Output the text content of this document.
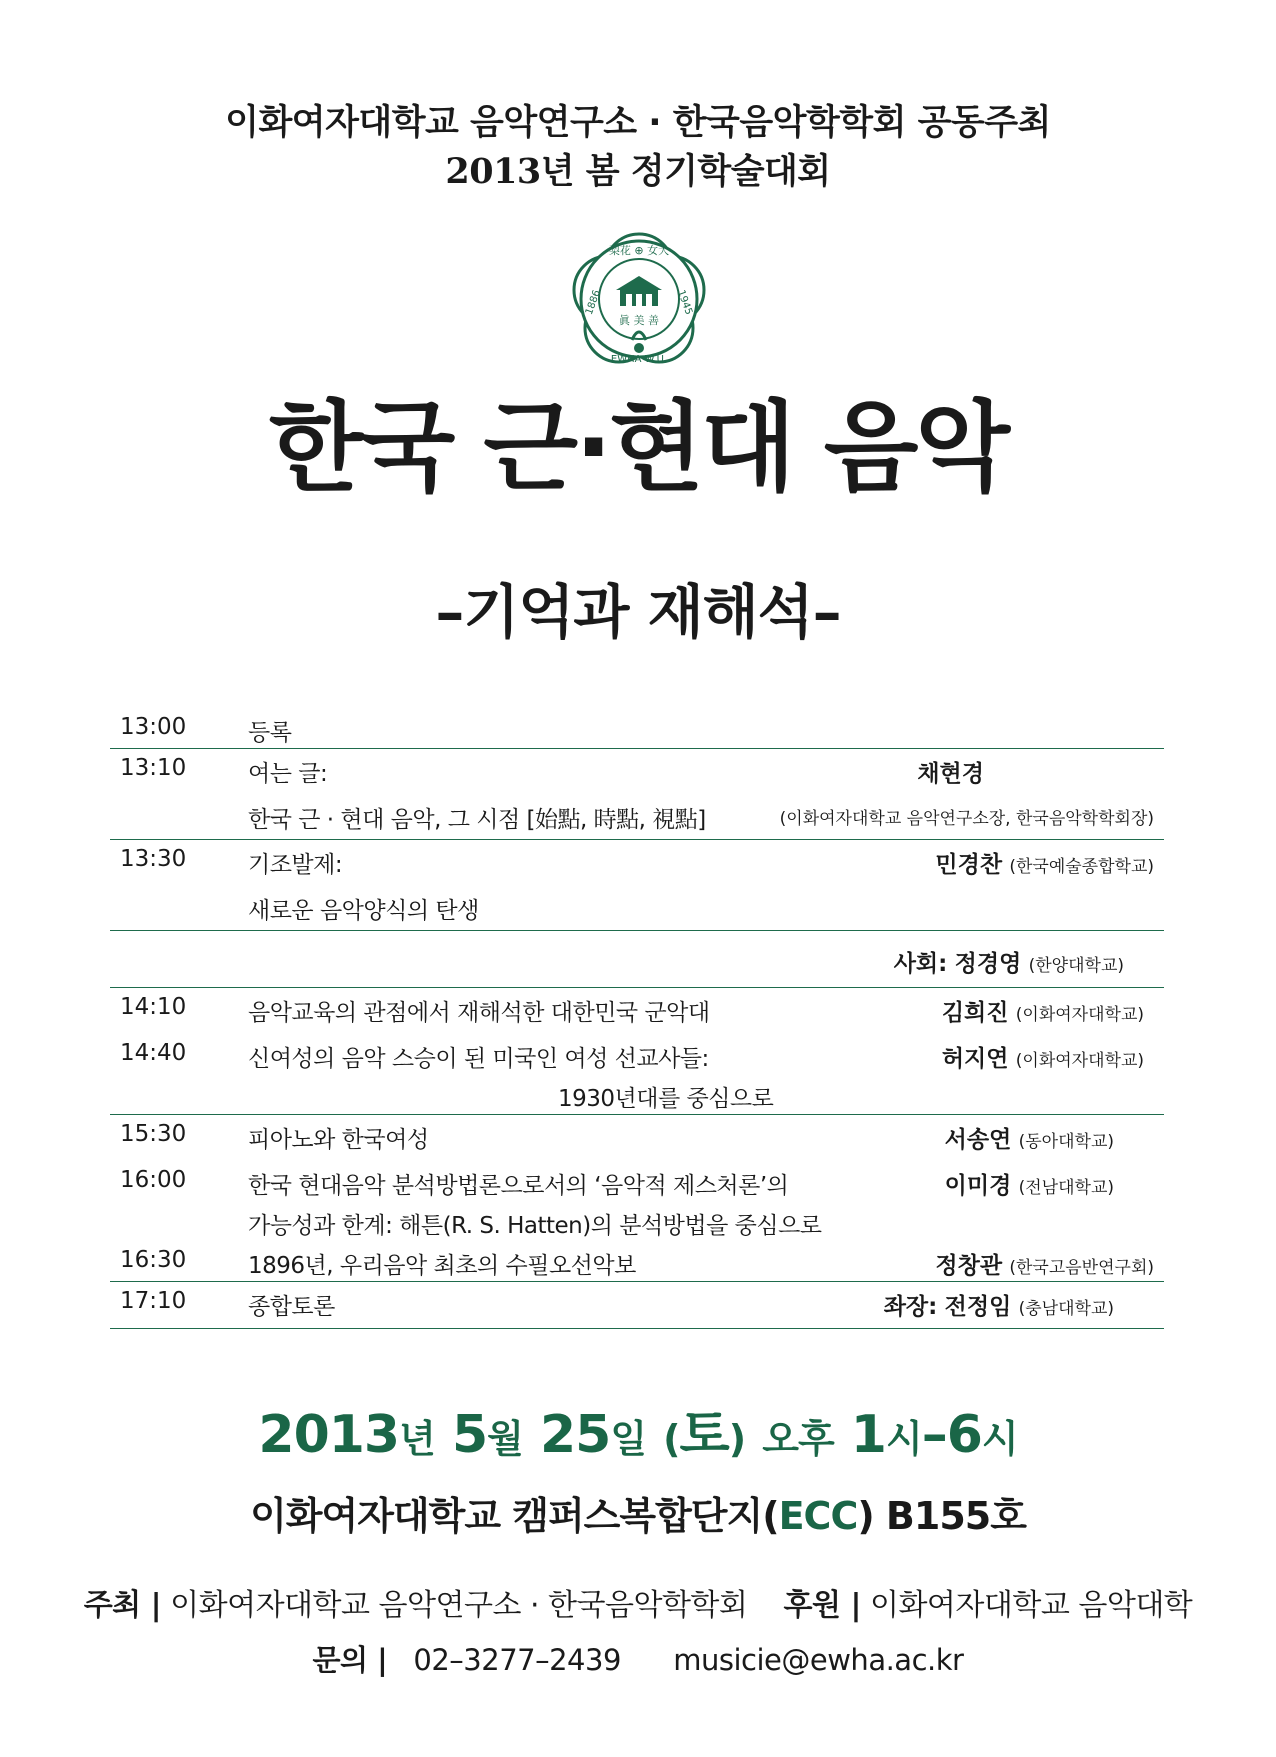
이화여자대학교 음악연구소 · 한국음악학학회 공동주최
2013년 봄 정기학술대회
梨花 ⊕ 女大
1886	1945
眞 美 善
EWHA W.U.
한국 근·현대 음악
–기억과 재해석–
13:00	등록
13:10	여는 글:	채현경
한국 근 · 현대 음악, 그 시점 [始點, 時點, 視點]	(이화여자대학교 음악연구소장, 한국음악학학회장)
13:30	기조발제:	민경찬 (한국예술종합학교)
새로운 음악양식의 탄생
사회: 정경영 (한양대학교)
14:10	음악교육의 관점에서 재해석한 대한민국 군악대	김희진 (이화여자대학교)
14:40	신여성의 음악 스승이 된 미국인 여성 선교사들:	허지연 (이화여자대학교)
1930년대를 중심으로
15:30	피아노와 한국여성	서송연 (동아대학교)
16:00	한국 현대음악 분석방법론으로서의 ‘음악적 제스처론’의	이미경 (전남대학교)
가능성과 한계: 해튼(R. S. Hatten)의 분석방법을 중심으로
16:30	1896년, 우리음악 최초의 수필오선악보	정창관 (한국고음반연구회)
17:10	종합토론	좌장: 전정임 (충남대학교)
2013년 5월 25일 (토) 오후 1시–6시
이화여자대학교 캠퍼스복합단지(ECC) B155호
주최 | 이화여자대학교 음악연구소 · 한국음악학학회 후원 | 이화여자대학교 음악대학
문의 | 02–3277–2439 musicie@ewha.ac.kr
